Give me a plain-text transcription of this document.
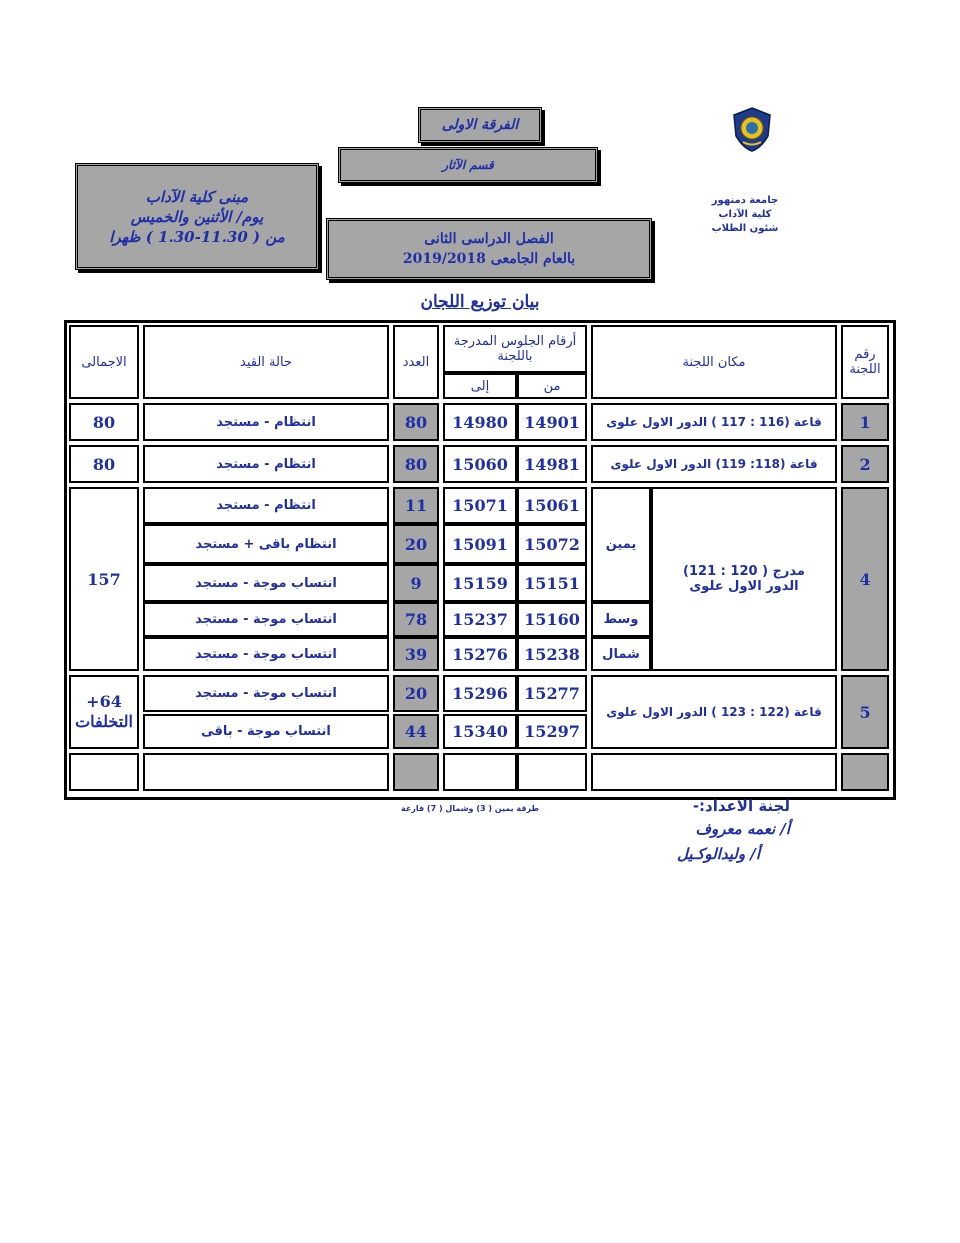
جامعة دمنهور
كلية الآداب
شئون الطلاب
الفرقة الاولى
قسم الآثار
مبنى كلية الآداب
يوم/ الأثنين والخميس
من ( 11.30-1.30 ) ظهرا	الفصل الدراسى الثانى
بالعام الجامعى 2019/2018
بيان توزيع اللجان
رقم اللجنة
مكان اللجنة
أرقام الجلوس المدرجة باللجنة
من
إلى
العدد
حالة القيد
الاجمالى
1
قاعة (116 : 117 ) الدور الاول علوى
14901
14980
80
انتظام - مستجد
80
2
قاعة (118: 119) الدور الاول علوى
14981
15060
80
انتظام - مستجد
80
4
مدرج ( 120 : 121) الدور الاول علوى
يمين
وسط
شمال
15061
15071
11
انتظام - مستجد
15072
15091
20
انتظام باقى + مستجد
15151
15159
9
انتساب موجة - مستجد
15160
15237
78
انتساب موجة - مستجد
15238
15276
39
انتساب موجة - مستجد
157
5
قاعة (122 : 123 ) الدور الاول علوى
15277
15296
20
انتساب موجة - مستجد
15297
15340
44
انتساب موجة - باقى
64+ التخلفات
طرقة يمين ( 3) وشمال ( 7) فارغة	لجنة الاعداد:-
أ/ نعمه معروف
أ/ وليدالوكـيل
